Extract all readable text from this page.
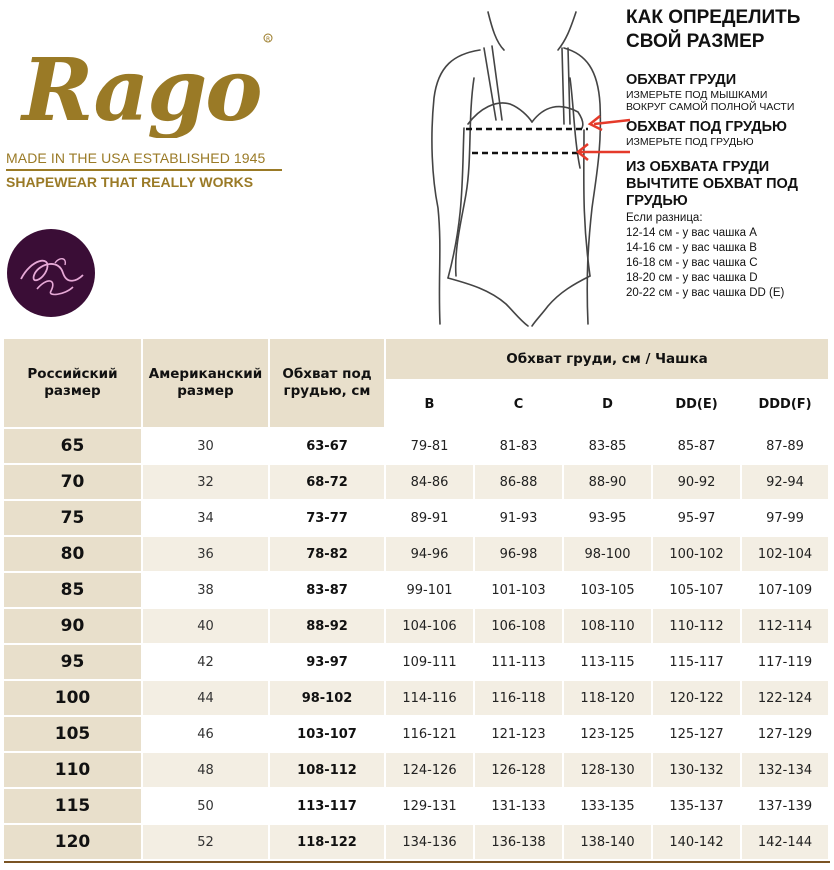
Rago
R
MADE IN THE USA ESTABLISHED 1945
SHAPEWEAR THAT REALLY WORKS
КАК ОПРЕДЕЛИТЬ
СВОЙ РАЗМЕР
ОБХВАТ ГРУДИ
ИЗМЕРЬТЕ ПОД МЫШКАМИ
ВОКРУГ САМОЙ ПОЛНОЙ ЧАСТИ
ОБХВАТ ПОД ГРУДЬЮ
ИЗМЕРЬТЕ ПОД ГРУДЬЮ
ИЗ ОБХВАТА ГРУДИ
ВЫЧТИТЕ ОБХВАТ ПОД
ГРУДЬЮ
Если разница:
12-14 см - у вас чашка А
14-16 см - у вас чашка В
16-18 см - у вас чашка С
18-20 см - у вас чашка D
20-22 см - у вас чашка DD (E)
Российский размер	Американский размер	Обхват под грудью, см	Обхват груди, см / Чашка				
			B	C	D	DD(E)	DDD(F)
65	30	63-67	79-81	81-83	83-85	85-87	87-89
70	32	68-72	84-86	86-88	88-90	90-92	92-94
75	34	73-77	89-91	91-93	93-95	95-97	97-99
80	36	78-82	94-96	96-98	98-100	100-102	102-104
85	38	83-87	99-101	101-103	103-105	105-107	107-109
90	40	88-92	104-106	106-108	108-110	110-112	112-114
95	42	93-97	109-111	111-113	113-115	115-117	117-119
100	44	98-102	114-116	116-118	118-120	120-122	122-124
105	46	103-107	116-121	121-123	123-125	125-127	127-129
110	48	108-112	124-126	126-128	128-130	130-132	132-134
115	50	113-117	129-131	131-133	133-135	135-137	137-139
120	52	118-122	134-136	136-138	138-140	140-142	142-144
